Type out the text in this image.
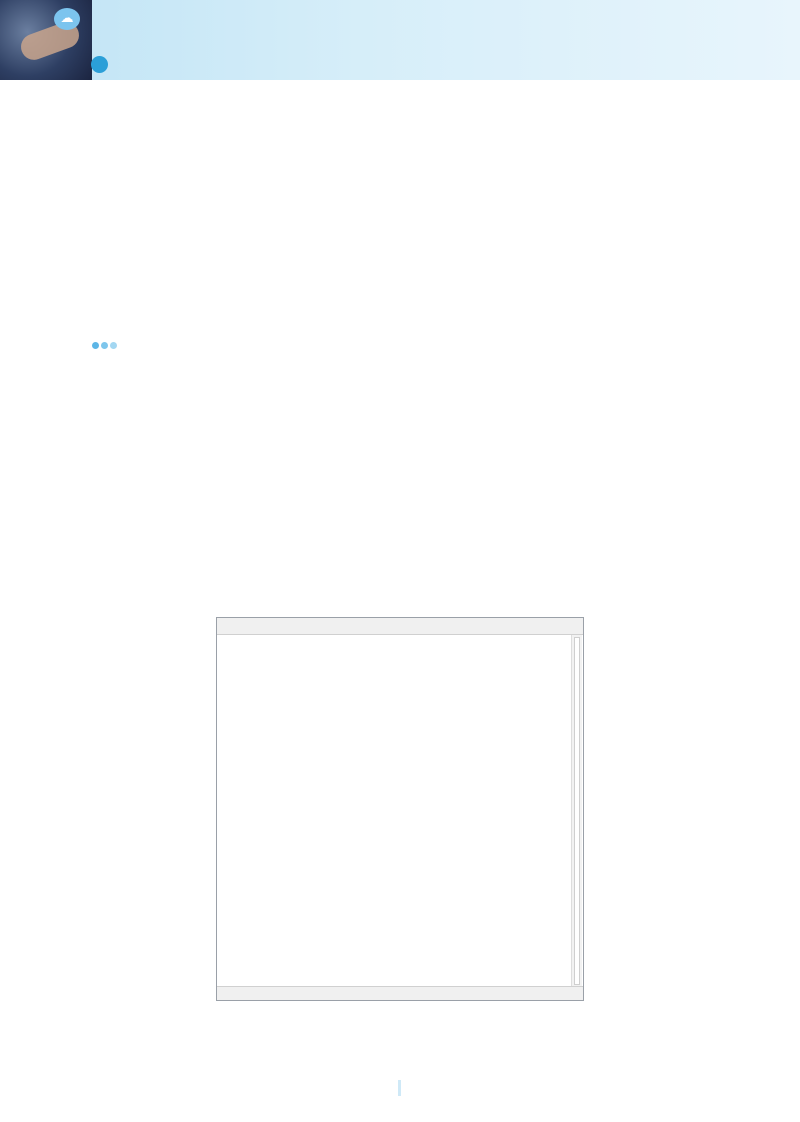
☁
